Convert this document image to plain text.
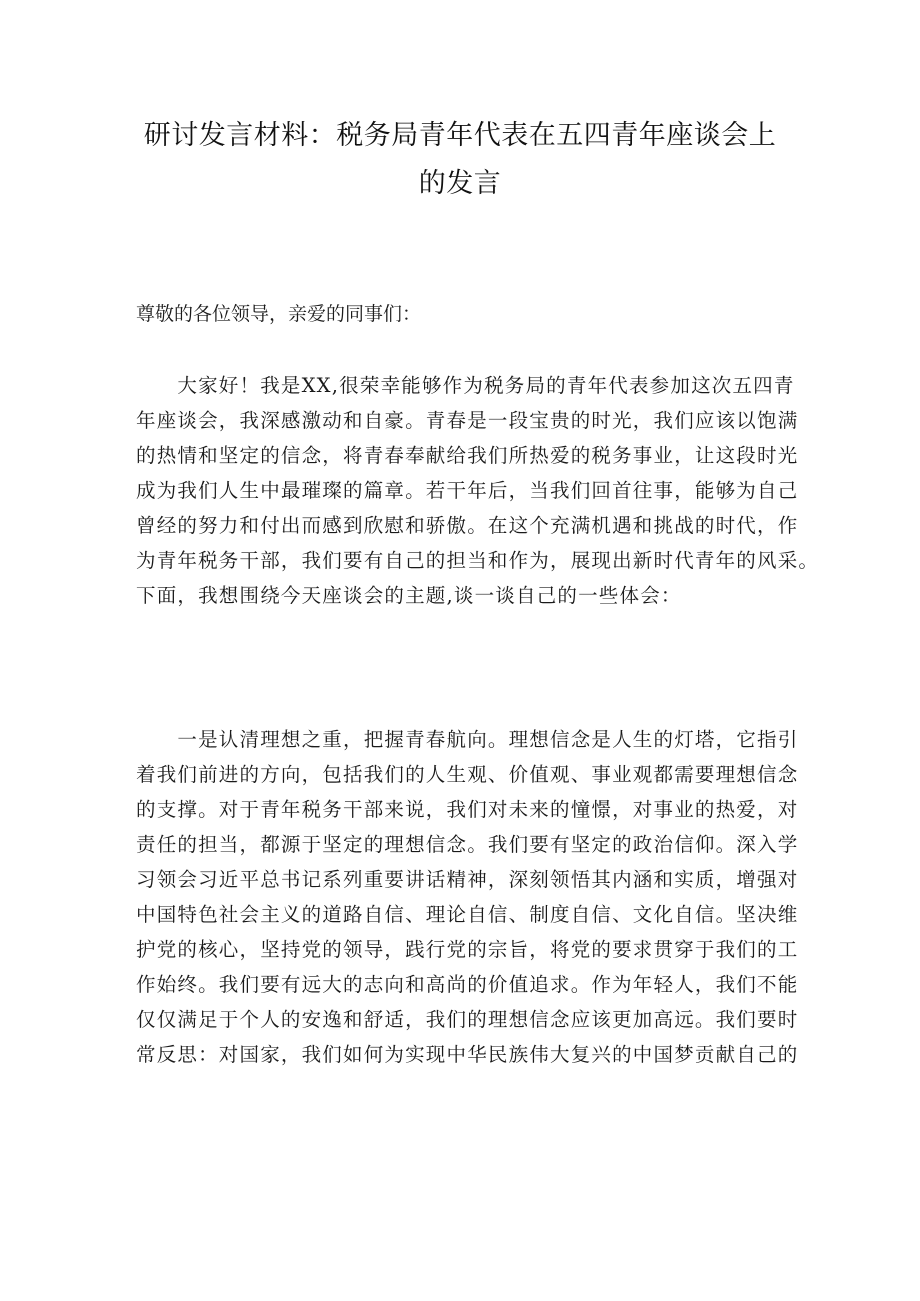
研讨发言材料：税务局青年代表在五四青年座谈会上
的发言

尊敬的各位领导，亲爱的同事们：

　　大家好！我是XX,很荣幸能够作为税务局的青年代表参加这次五四青
年座谈会，我深感激动和自豪。青春是一段宝贵的时光，我们应该以饱满
的热情和坚定的信念，将青春奉献给我们所热爱的税务事业，让这段时光
成为我们人生中最璀璨的篇章。若干年后，当我们回首往事，能够为自己
曾经的努力和付出而感到欣慰和骄傲。在这个充满机遇和挑战的时代，作
为青年税务干部，我们要有自己的担当和作为，展现出新时代青年的风采。
下面，我想围绕今天座谈会的主题,谈一谈自己的一些体会：
　　一是认清理想之重，把握青春航向。理想信念是人生的灯塔，它指引
着我们前进的方向，包括我们的人生观、价值观、事业观都需要理想信念
的支撑。对于青年税务干部来说，我们对未来的憧憬，对事业的热爱，对
责任的担当，都源于坚定的理想信念。我们要有坚定的政治信仰。深入学
习领会习近平总书记系列重要讲话精神，深刻领悟其内涵和实质，增强对
中国特色社会主义的道路自信、理论自信、制度自信、文化自信。坚决维
护党的核心，坚持党的领导，践行党的宗旨，将党的要求贯穿于我们的工
作始终。我们要有远大的志向和高尚的价值追求。作为年轻人，我们不能
仅仅满足于个人的安逸和舒适，我们的理想信念应该更加高远。我们要时
常反思：对国家，我们如何为实现中华民族伟大复兴的中国梦贡献自己的
